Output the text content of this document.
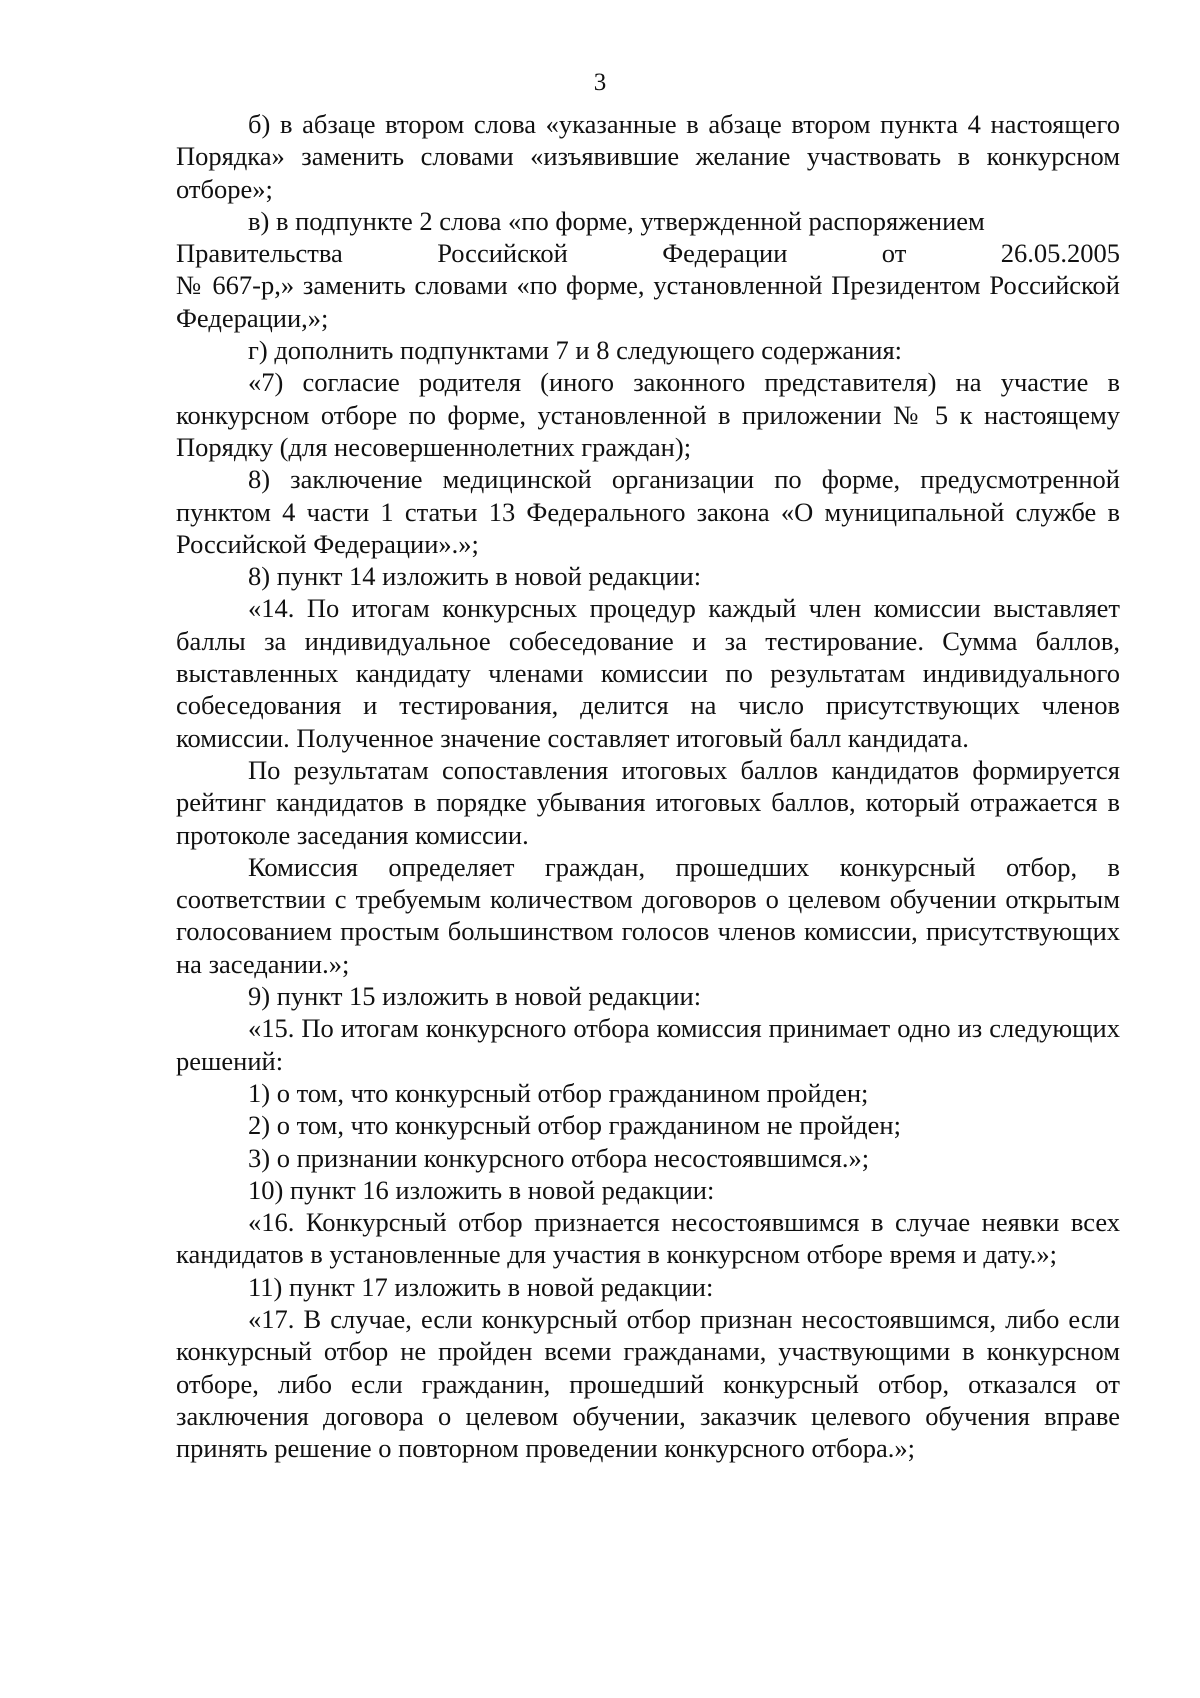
3

б) в абзаце втором слова «указанные в абзаце втором пункта 4 настоящего Порядка» заменить словами «изъявившие желание участвовать в конкурсном отборе»;

в) в подпункте 2 слова «по форме, утвержденной распоряжением

Правительства	Российской	Федерации	от	26.05.2005

№ 667-р,» заменить словами «по форме, установленной Президентом Российской Федерации,»;

г) дополнить подпунктами 7 и 8 следующего содержания:

«7) согласие родителя (иного законного представителя) на участие в конкурсном отборе по форме, установленной в приложении № 5 к настоящему Порядку (для несовершеннолетних граждан);

8) заключение медицинской организации по форме, предусмотренной пунктом 4 части 1 статьи 13 Федерального закона «О муниципальной службе в Российской Федерации».»;

8) пункт 14 изложить в новой редакции:

«14. По итогам конкурсных процедур каждый член комиссии выставляет баллы за индивидуальное собеседование и за тестирование. Сумма баллов, выставленных кандидату членами комиссии по результатам индивидуального собеседования и тестирования, делится на число присутствующих членов комиссии. Полученное значение составляет итоговый балл кандидата.

По результатам сопоставления итоговых баллов кандидатов формируется рейтинг кандидатов в порядке убывания итоговых баллов, который отражается в протоколе заседания комиссии.

Комиссия определяет граждан, прошедших конкурсный отбор, в соответствии с требуемым количеством договоров о целевом обучении открытым голосованием простым большинством голосов членов комиссии, присутствующих на заседании.»;

9) пункт 15 изложить в новой редакции:

«15. По итогам конкурсного отбора комиссия принимает одно из следующих решений:

1) о том, что конкурсный отбор гражданином пройден;

2) о том, что конкурсный отбор гражданином не пройден;

3) о признании конкурсного отбора несостоявшимся.»;

10) пункт 16 изложить в новой редакции:

«16. Конкурсный отбор признается несостоявшимся в случае неявки всех кандидатов в установленные для участия в конкурсном отборе время и дату.»;

11) пункт 17 изложить в новой редакции:

«17. В случае, если конкурсный отбор признан несостоявшимся, либо если конкурсный отбор не пройден всеми гражданами, участвующими в конкурсном отборе, либо если гражданин, прошедший конкурсный отбор, отказался от заключения договора о целевом обучении, заказчик целевого обучения вправе принять решение о повторном проведении конкурсного отбора.»;
